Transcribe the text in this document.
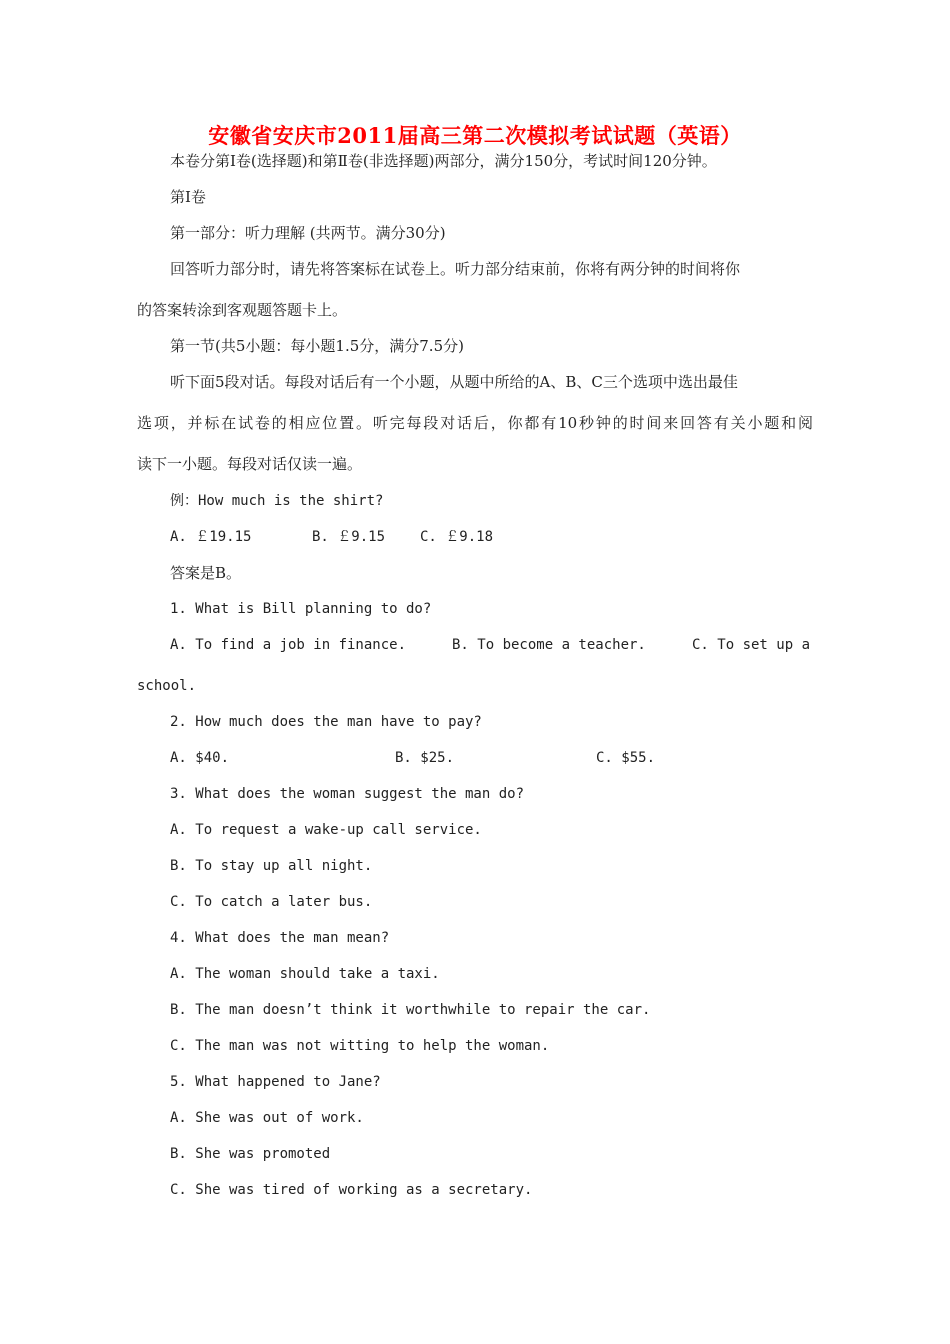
安徽省安庆市2011届高三第二次模拟考试试题（英语）
本卷分第Ⅰ卷(选择题)和第Ⅱ卷(非选择题)两部分，满分150分，考试时间120分钟。
第Ⅰ卷
第一部分：听力理解 (共两节。满分30分)
回答听力部分时，请先将答案标在试卷上。听力部分结束前，你将有两分钟的时间将你
的答案转涂到客观题答题卡上。
第一节(共5小题：每小题1.5分，满分7.5分)
听下面5段对话。每段对话后有一个小题，从题中所给的A、B、C三个选项中选出最佳
选项，并标在试卷的相应位置。听完每段对话后，你都有10秒钟的时间来回答有关小题和阅
读下一小题。每段对话仅读一遍。
例：How much is the shirt?
A. ￡19.15	B. ￡9.15 C. ￡9.18
答案是B。
1. What is Bill planning to do?
A. To find a job in finance.	B. To become a teacher.	C. To set up a
school.
2. How much does the man have to pay?
A. $40.	B. $25.	C. $55.
3. What does the woman suggest the man do?
A. To request a wake-up call service.
B. To stay up all night.
C. To catch a later bus.
4. What does the man mean?
A. The woman should take a taxi.
B. The man doesn’t think it worthwhile to repair the car.
C. The man was not witting to help the woman.
5. What happened to Jane?
A. She was out of work.
B. She was promoted
C. She was tired of working as a secretary.
